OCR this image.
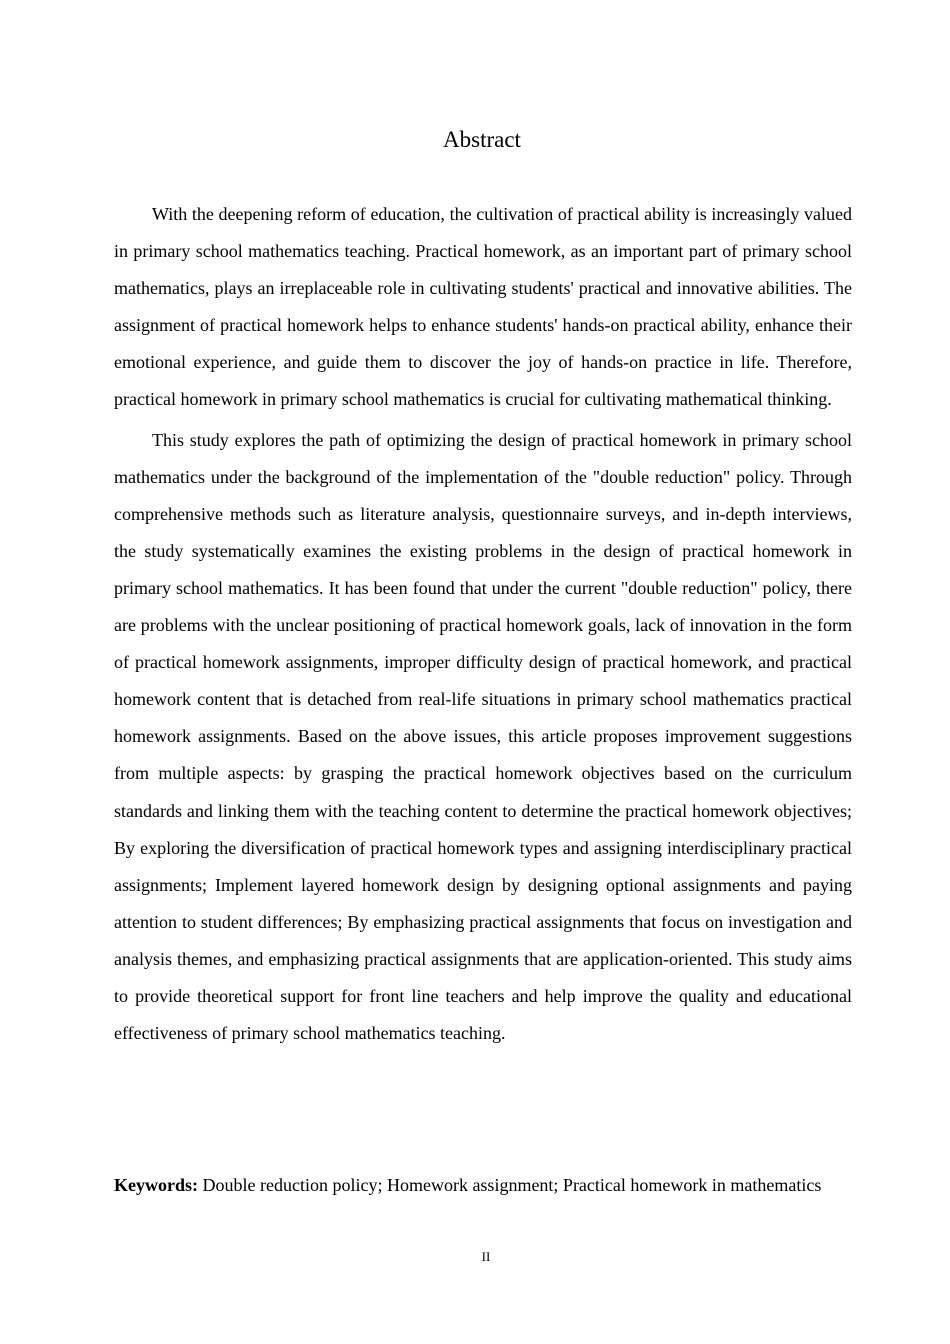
Abstract

With the deepening reform of education, the cultivation of practical ability is increasingly valued in primary school mathematics teaching. Practical homework, as an important part of primary school mathematics, plays an irreplaceable role in cultivating students' practical and innovative abilities. The assignment of practical homework helps to enhance students' hands-on practical ability, enhance their emotional experience, and guide them to discover the joy of hands-on practice in life. Therefore, practical homework in primary school mathematics is crucial for cultivating mathematical thinking.

This study explores the path of optimizing the design of practical homework in primary school mathematics under the background of the implementation of the "double reduction" policy. Through comprehensive methods such as literature analysis, questionnaire surveys, and in-depth interviews, the study systematically examines the existing problems in the design of practical homework in primary school mathematics. It has been found that under the current "double reduction" policy, there are problems with the unclear positioning of practical homework goals, lack of innovation in the form of practical homework assignments, improper difficulty design of practical homework, and practical homework content that is detached from real-life situations in primary school mathematics practical homework assignments. Based on the above issues, this article proposes improvement suggestions from multiple aspects: by grasping the practical homework objectives based on the curriculum standards and linking them with the teaching content to determine the practical homework objectives; By exploring the diversification of practical homework types and assigning interdisciplinary practical assignments; Implement layered homework design by designing optional assignments and paying attention to student differences; By emphasizing practical assignments that focus on investigation and analysis themes, and emphasizing practical assignments that are application-oriented. This study aims to provide theoretical support for front line teachers and help improve the quality and educational effectiveness of primary school mathematics teaching.

Keywords: Double reduction policy; Homework assignment; Practical homework in mathematics
II
